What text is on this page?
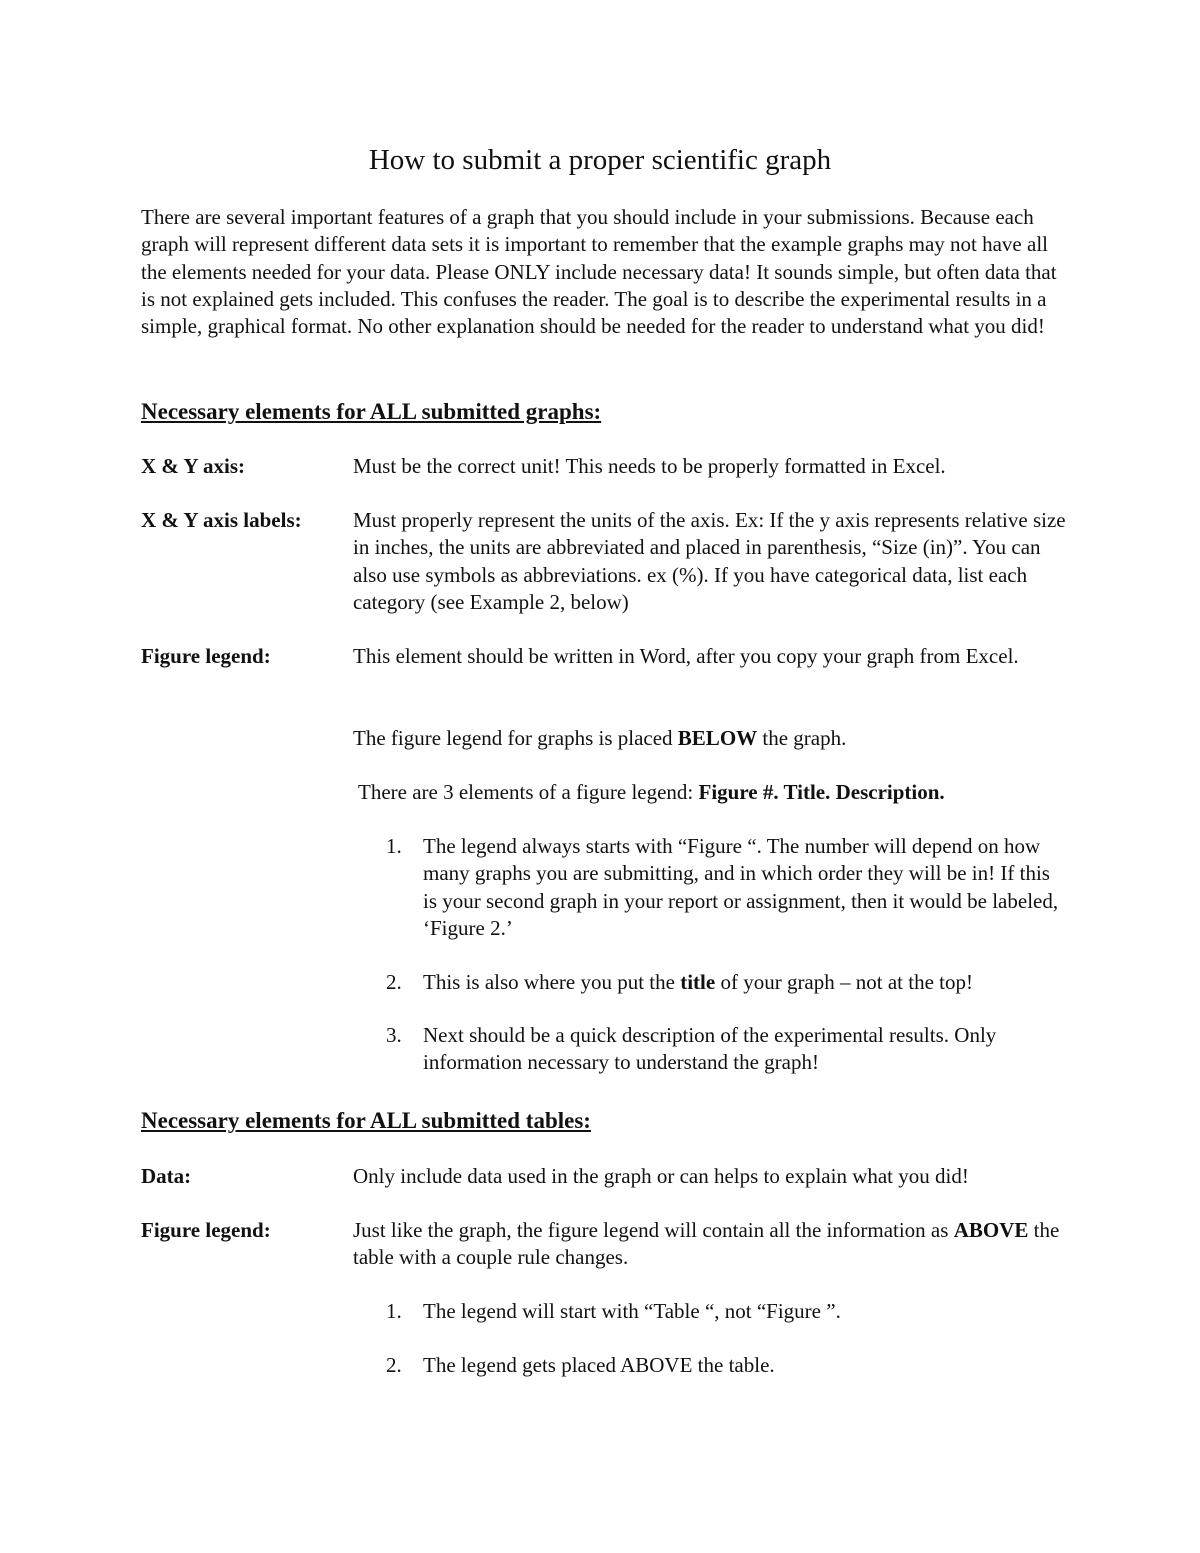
How to submit a proper scientific graph

There are several important features of a graph that you should include in your submissions. Because each graph will represent different data sets it is important to remember that the example graphs may not have all the elements needed for your data. Please ONLY include necessary data! It sounds simple, but often data that is not explained gets included. This confuses the reader. The goal is to describe the experimental results in a simple, graphical format. No other explanation should be needed for the reader to understand what you did!

Necessary elements for ALL submitted graphs:

X & Y axis:	Must be the correct unit! This needs to be properly formatted in Excel.

X & Y axis labels: Must properly represent the units of the axis. Ex: If the y axis represents relative size in inches, the units are abbreviated and placed in parenthesis, “Size (in)”. You can also use symbols as abbreviations. ex (%). If you have categorical data, list each category (see Example 2, below)

Figure legend:	This element should be written in Word, after you copy your graph from Excel.

The figure legend for graphs is placed BELOW the graph.

There are 3 elements of a figure legend: Figure #. Title. Description.

1. The legend always starts with “Figure “. The number will depend on how many graphs you are submitting, and in which order they will be in! If this is your second graph in your report or assignment, then it would be labeled, ‘Figure 2.’

2. This is also where you put the title of your graph – not at the top!

3. Next should be a quick description of the experimental results. Only information necessary to understand the graph!

Necessary elements for ALL submitted tables:

Data:	Only include data used in the graph or can helps to explain what you did!

Figure legend:	Just like the graph, the figure legend will contain all the information as ABOVE the table with a couple rule changes.

1. The legend will start with “Table “, not “Figure ”.

2. The legend gets placed ABOVE the table.
